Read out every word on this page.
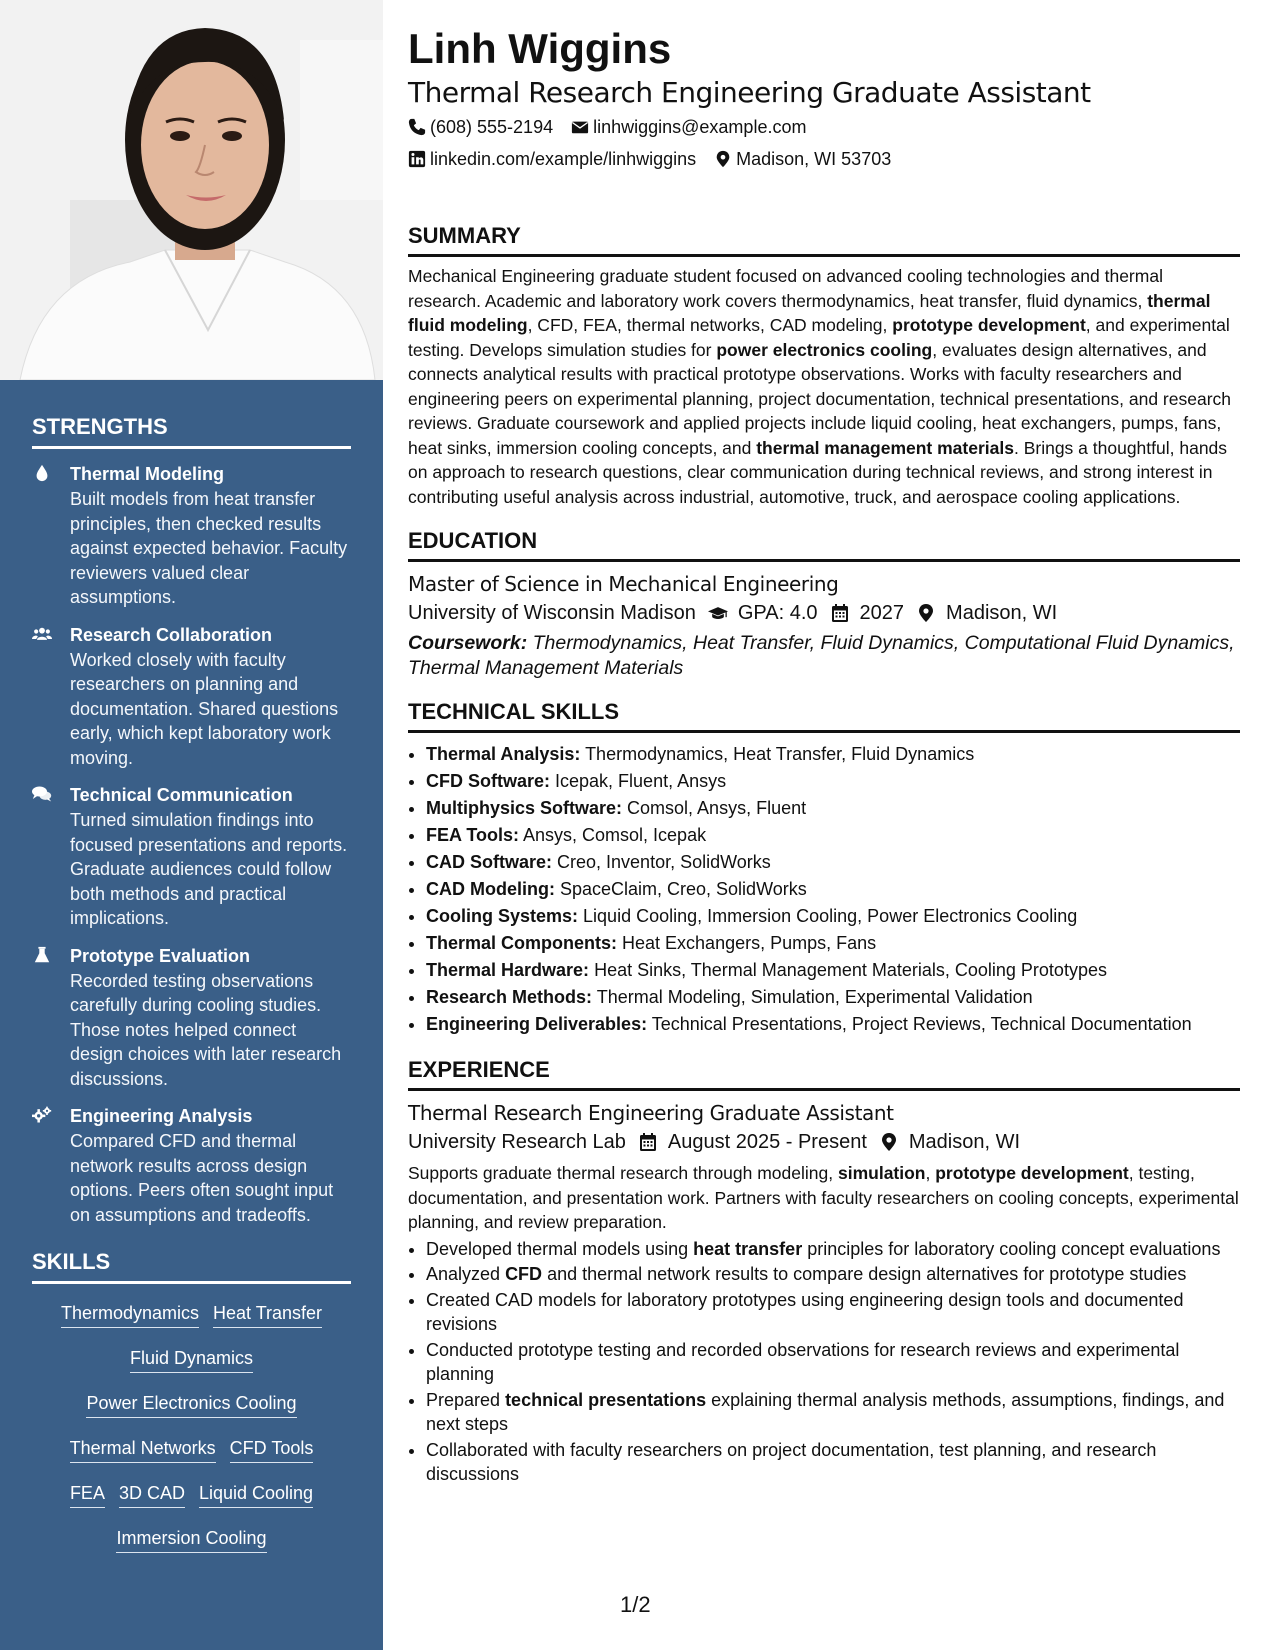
STRENGTHS
Thermal Modeling
Built models from heat transfer principles, then checked results against expected behavior. Faculty reviewers valued clear assumptions.
Research Collaboration
Worked closely with faculty researchers on planning and documentation. Shared questions early, which kept laboratory work moving.
Technical Communication
Turned simulation findings into focused presentations and reports. Graduate audiences could follow both methods and practical implications.
Prototype Evaluation
Recorded testing observations carefully during cooling studies. Those notes helped connect design choices with later research discussions.
Engineering Analysis
Compared CFD and thermal network results across design options. Peers often sought input on assumptions and tradeoffs.
SKILLS
Thermodynamics Heat Transfer
Fluid Dynamics
Power Electronics Cooling
Thermal Networks CFD Tools
FEA 3D CAD Liquid Cooling
Immersion Cooling
Linh Wiggins
Thermal Research Engineering Graduate Assistant
(608) 555-2194 linhwiggins@example.com
linkedin.com/example/linhwiggins Madison, WI 53703
SUMMARY
Mechanical Engineering graduate student focused on advanced cooling technologies and thermal research. Academic and laboratory work covers thermodynamics, heat transfer, fluid dynamics, thermal fluid modeling, CFD, FEA, thermal networks, CAD modeling, prototype development, and experimental testing. Develops simulation studies for power electronics cooling, evaluates design alternatives, and connects analytical results with practical prototype observations. Works with faculty researchers and engineering peers on experimental planning, project documentation, technical presentations, and research reviews. Graduate coursework and applied projects include liquid cooling, heat exchangers, pumps, fans, heat sinks, immersion cooling concepts, and thermal management materials. Brings a thoughtful, hands on approach to research questions, clear communication during technical reviews, and strong interest in contributing useful analysis across industrial, automotive, truck, and aerospace cooling applications.
EDUCATION
Master of Science in Mechanical Engineering
University of Wisconsin Madison GPA: 4.0 2027 Madison, WI
Coursework: Thermodynamics, Heat Transfer, Fluid Dynamics, Computational Fluid Dynamics, Thermal Management Materials
TECHNICAL SKILLS
• Thermal Analysis: Thermodynamics, Heat Transfer, Fluid Dynamics
• CFD Software: Icepak, Fluent, Ansys
• Multiphysics Software: Comsol, Ansys, Fluent
• FEA Tools: Ansys, Comsol, Icepak
• CAD Software: Creo, Inventor, SolidWorks
• CAD Modeling: SpaceClaim, Creo, SolidWorks
• Cooling Systems: Liquid Cooling, Immersion Cooling, Power Electronics Cooling
• Thermal Components: Heat Exchangers, Pumps, Fans
• Thermal Hardware: Heat Sinks, Thermal Management Materials, Cooling Prototypes
• Research Methods: Thermal Modeling, Simulation, Experimental Validation
• Engineering Deliverables: Technical Presentations, Project Reviews, Technical Documentation
EXPERIENCE
Thermal Research Engineering Graduate Assistant
University Research Lab August 2025 - Present Madison, WI
Supports graduate thermal research through modeling, simulation, prototype development, testing, documentation, and presentation work. Partners with faculty researchers on cooling concepts, experimental planning, and review preparation.
• Developed thermal models using heat transfer principles for laboratory cooling concept evaluations
• Analyzed CFD and thermal network results to compare design alternatives for prototype studies
• Created CAD models for laboratory prototypes using engineering design tools and documented revisions
• Conducted prototype testing and recorded observations for research reviews and experimental planning
• Prepared technical presentations explaining thermal analysis methods, assumptions, findings, and next steps
• Collaborated with faculty researchers on project documentation, test planning, and research discussions
1/2
